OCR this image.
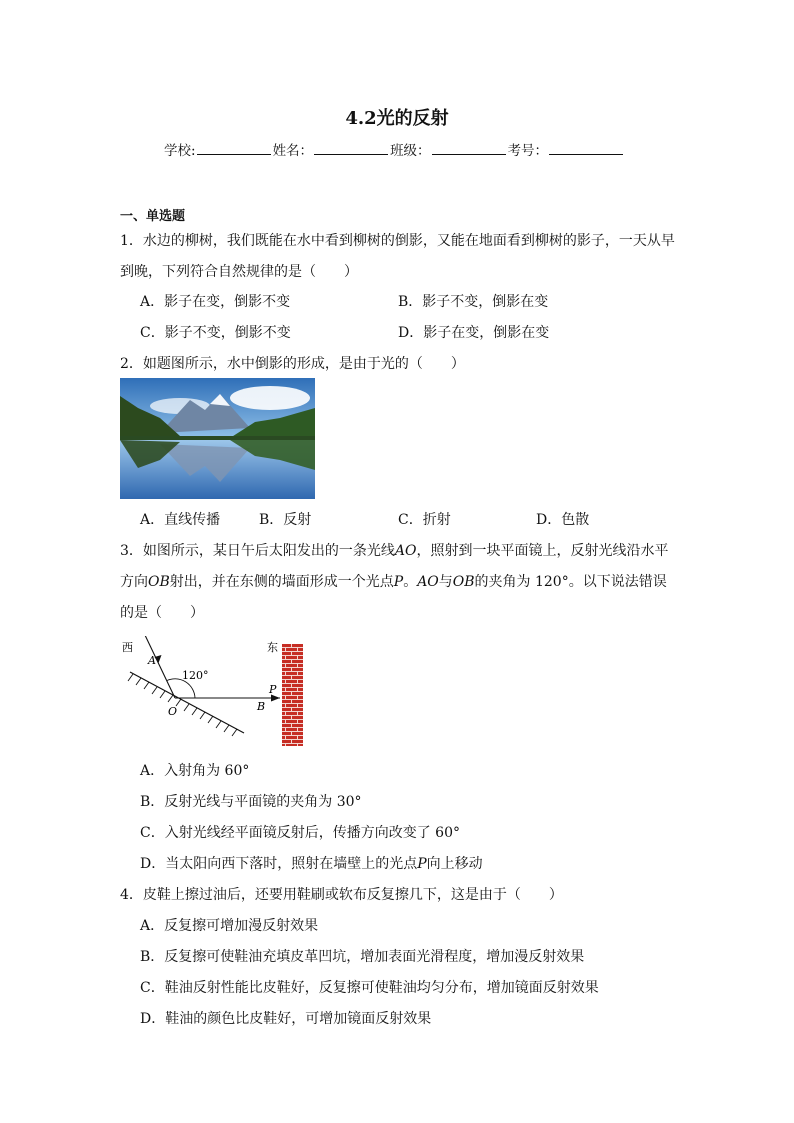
4.2光的反射
学校:	姓名：	班级：	考号：
一、单选题
1．水边的柳树，我们既能在水中看到柳树的倒影，又能在地面看到柳树的影子，一天从早
到晚，下列符合自然规律的是（　　）
A．影子在变，倒影不变	B．影子不变，倒影在变
C．影子不变，倒影不变	D．影子在变，倒影在变
2．如题图所示，水中倒影的形成，是由于光的（　　）
A．直线传播	B．反射	C．折射	D．色散
3．如图所示，某日午后太阳发出的一条光线AO，照射到一块平面镜上，反射光线沿水平
方向OB射出，并在东侧的墙面形成一个光点P。AO与OB的夹角为 120°。以下说法错误
的是（　　）
西	东
A
120°
O	B
P
A．入射角为 60°
B．反射光线与平面镜的夹角为 30°
C．入射光线经平面镜反射后，传播方向改变了 60°
D．当太阳向西下落时，照射在墙壁上的光点P向上移动
4．皮鞋上擦过油后，还要用鞋刷或软布反复擦几下，这是由于（　　）
A．反复擦可增加漫反射效果
B．反复擦可使鞋油充填皮革凹坑，增加表面光滑程度，增加漫反射效果
C．鞋油反射性能比皮鞋好，反复擦可使鞋油均匀分布，增加镜面反射效果
D．鞋油的颜色比皮鞋好，可增加镜面反射效果
